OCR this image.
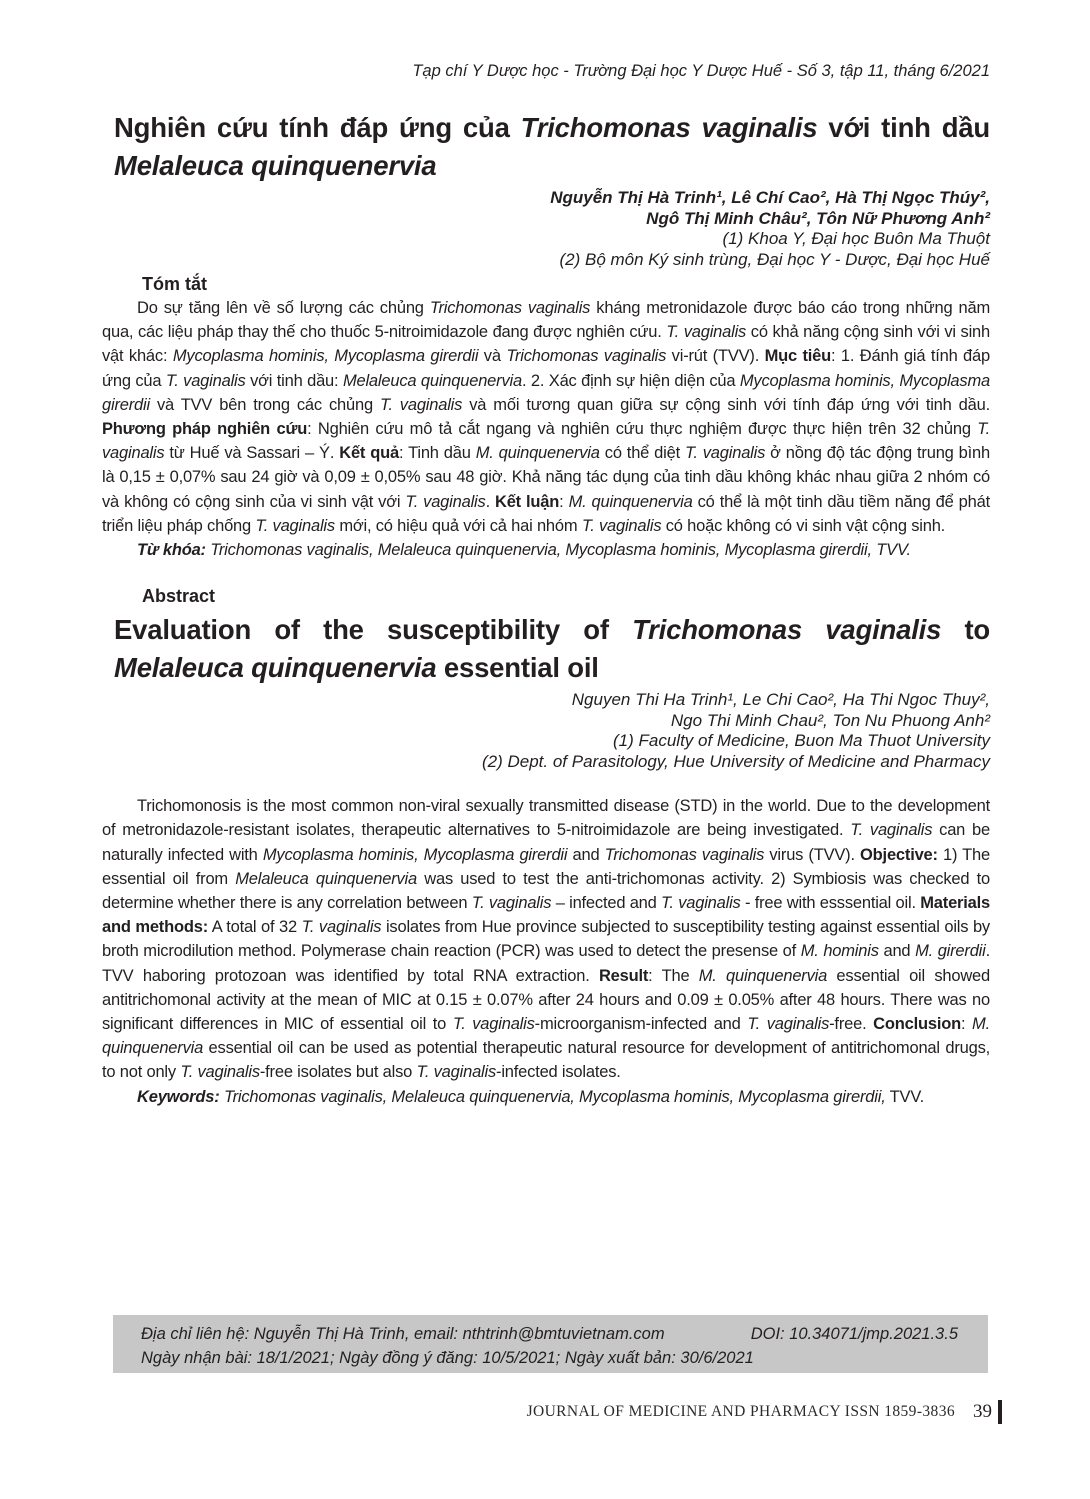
Tạp chí Y Dược học - Trường Đại học Y Dược Huế - Số 3, tập 11, tháng 6/2021
Nghiên cứu tính đáp ứng của Trichomonas vaginalis với tinh dầu Melaleuca quinquenervia
Nguyễn Thị Hà Trinh¹, Lê Chí Cao², Hà Thị Ngọc Thúy²,
Ngô Thị Minh Châu², Tôn Nữ Phương Anh²
(1) Khoa Y, Đại học Buôn Ma Thuột
(2) Bộ môn Ký sinh trùng, Đại học Y - Dược, Đại học Huế
Tóm tắt

Do sự tăng lên về số lượng các chủng Trichomonas vaginalis kháng metronidazole được báo cáo trong những năm qua, các liệu pháp thay thế cho thuốc 5-nitroimidazole đang được nghiên cứu. T. vaginalis có khả năng cộng sinh với vi sinh vật khác: Mycoplasma hominis, Mycoplasma girerdii và Trichomonas vaginalis vi-rút (TVV). Mục tiêu: 1. Đánh giá tính đáp ứng của T. vaginalis với tinh dầu: Melaleuca quinquenervia. 2. Xác định sự hiện diện của Mycoplasma hominis, Mycoplasma girerdii và TVV bên trong các chủng T. vaginalis và mối tương quan giữa sự cộng sinh với tính đáp ứng với tinh dầu. Phương pháp nghiên cứu: Nghiên cứu mô tả cắt ngang và nghiên cứu thực nghiệm được thực hiện trên 32 chủng T. vaginalis từ Huế và Sassari – Ý. Kết quả: Tinh dầu M. quinquenervia có thể diệt T. vaginalis ở nồng độ tác động trung bình là 0,15 ± 0,07% sau 24 giờ và 0,09 ± 0,05% sau 48 giờ. Khả năng tác dụng của tinh dầu không khác nhau giữa 2 nhóm có và không có cộng sinh của vi sinh vật với T. vaginalis. Kết luận: M. quinquenervia có thể là một tinh dầu tiềm năng để phát triển liệu pháp chống T. vaginalis mới, có hiệu quả với cả hai nhóm T. vaginalis có hoặc không có vi sinh vật cộng sinh.

Từ khóa: Trichomonas vaginalis, Melaleuca quinquenervia, Mycoplasma hominis, Mycoplasma girerdii, TVV.

Abstract
Evaluation of the susceptibility of Trichomonas vaginalis to Melaleuca quinquenervia essential oil
Nguyen Thi Ha Trinh¹, Le Chi Cao², Ha Thi Ngoc Thuy²,
Ngo Thi Minh Chau², Ton Nu Phuong Anh²
(1) Faculty of Medicine, Buon Ma Thuot University
(2) Dept. of Parasitology, Hue University of Medicine and Pharmacy

Trichomonosis is the most common non-viral sexually transmitted disease (STD) in the world. Due to the development of metronidazole-resistant isolates, therapeutic alternatives to 5-nitroimidazole are being investigated. T. vaginalis can be naturally infected with Mycoplasma hominis, Mycoplasma girerdii and Trichomonas vaginalis virus (TVV). Objective: 1) The essential oil from Melaleuca quinquenervia was used to test the anti-trichomonas activity. 2) Symbiosis was checked to determine whether there is any correlation between T. vaginalis – infected and T. vaginalis - free with esssential oil. Materials and methods: A total of 32 T. vaginalis isolates from Hue province subjected to susceptibility testing against essential oils by broth microdilution method. Polymerase chain reaction (PCR) was used to detect the presense of M. hominis and M. girerdii. TVV haboring protozoan was identified by total RNA extraction. Result: The M. quinquenervia essential oil showed antitrichomonal activity at the mean of MIC at 0.15 ± 0.07% after 24 hours and 0.09 ± 0.05% after 48 hours. There was no significant differences in MIC of essential oil to T. vaginalis-microorganism-infected and T. vaginalis-free. Conclusion: M. quinquenervia essential oil can be used as potential therapeutic natural resource for development of antitrichomonal drugs, to not only T. vaginalis-free isolates but also T. vaginalis-infected isolates.

Keywords: Trichomonas vaginalis, Melaleuca quinquenervia, Mycoplasma hominis, Mycoplasma girerdii, TVV.

Địa chỉ liên hệ: Nguyễn Thị Hà Trinh, email: nthtrinh@bmtuvietnam.com	DOI: 10.34071/jmp.2021.3.5
Ngày nhận bài: 18/1/2021; Ngày đồng ý đăng: 10/5/2021; Ngày xuất bản: 30/6/2021
JOURNAL OF MEDICINE AND PHARMACY ISSN 1859-3836 39
